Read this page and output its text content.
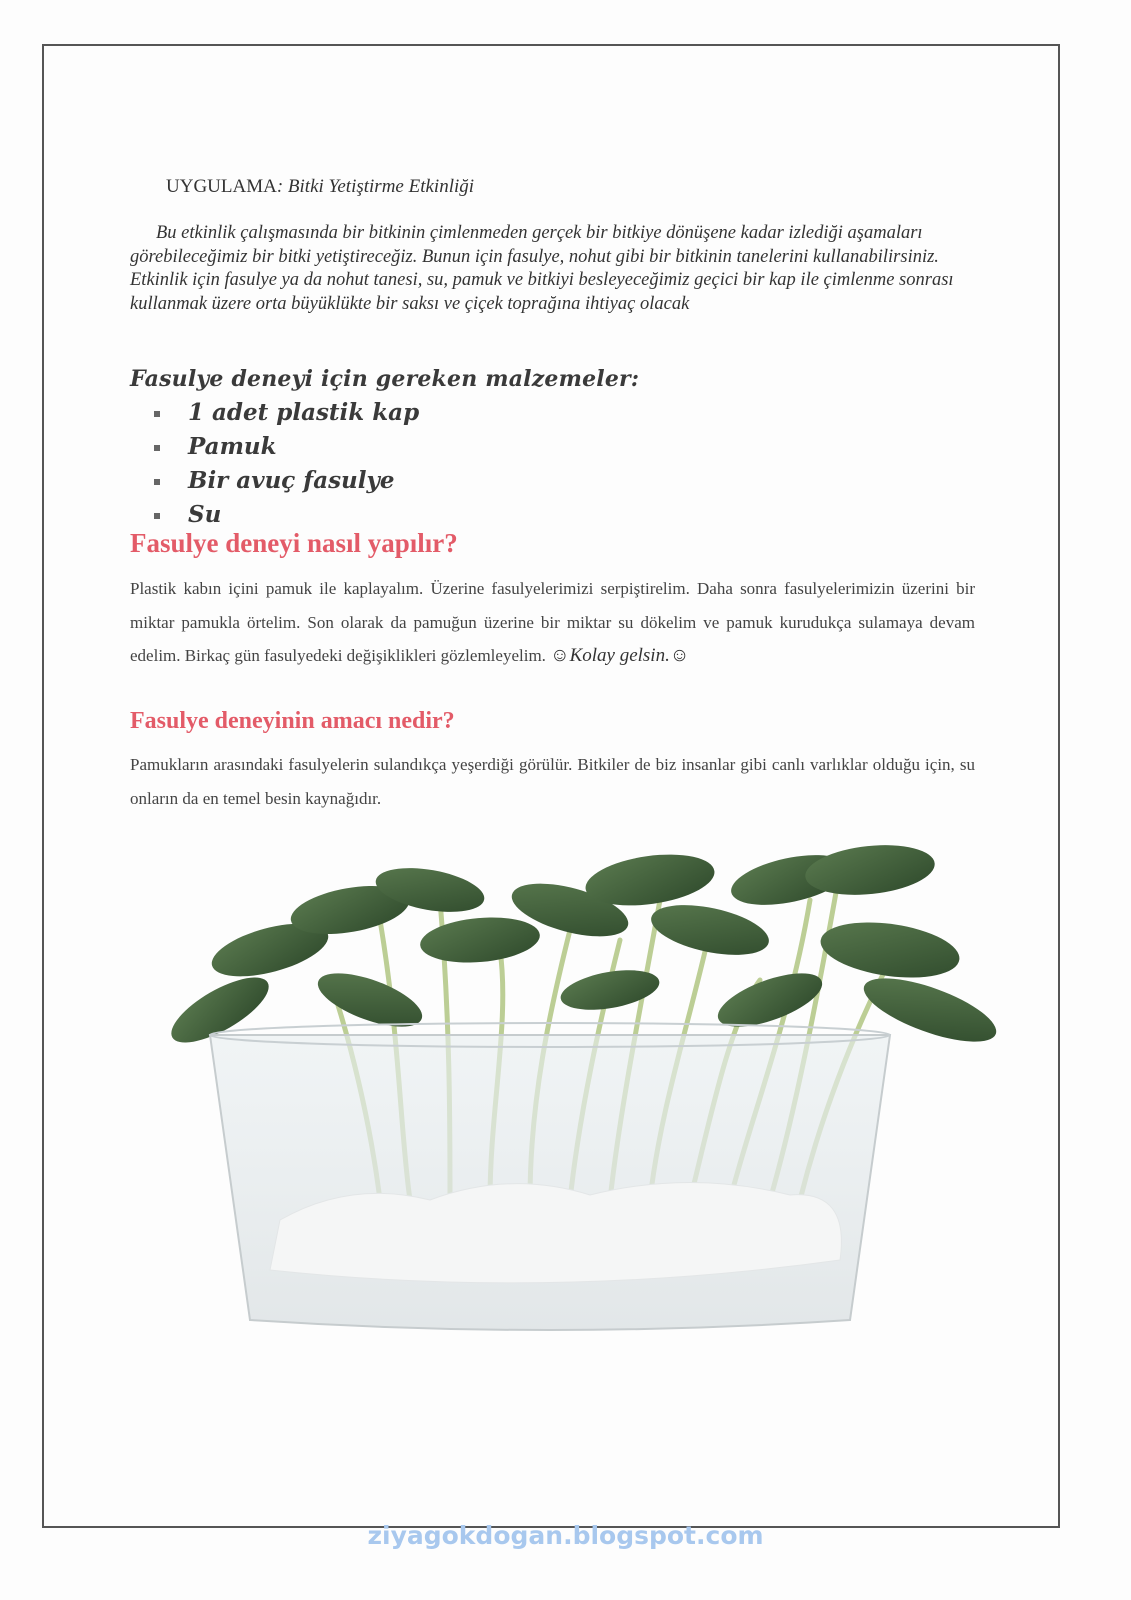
UYGULAMA: Bitki Yetiştirme Etkinliği

Bu etkinlik çalışmasında bir bitkinin çimlenmeden gerçek bir bitkiye dönüşene kadar izlediği aşamaları görebileceğimiz bir bitki yetiştireceğiz. Bunun için fasulye, nohut gibi bir bitkinin tanelerini kullanabilirsiniz. Etkinlik için fasulye ya da nohut tanesi, su, pamuk ve bitkiyi besleyeceğimiz geçici bir kap ile çimlenme sonrası kullanmak üzere orta büyüklükte bir saksı ve çiçek toprağına ihtiyaç olacak

Fasulye deneyi için gereken malzemeler:
1 adet plastik kap
Pamuk
Bir avuç fasulye
Su
Fasulye deneyi nasıl yapılır?

Plastik kabın içini pamuk ile kaplayalım. Üzerine fasulyelerimizi serpiştirelim. Daha sonra fasulyelerimizin üzerini bir miktar pamukla örtelim. Son olarak da pamuğun üzerine bir miktar su dökelim ve pamuk kurudukça sulamaya devam edelim. Birkaç gün fasulyedeki değişiklikleri gözlemleyelim. ☺Kolay gelsin.☺

Fasulye deneyinin amacı nedir?

Pamukların arasındaki fasulyelerin sulandıkça yeşerdiği görülür. Bitkiler de biz insanlar gibi canlı varlıklar olduğu için, su onların da en temel besin kaynağıdır.

ziyagokdogan.blogspot.com
